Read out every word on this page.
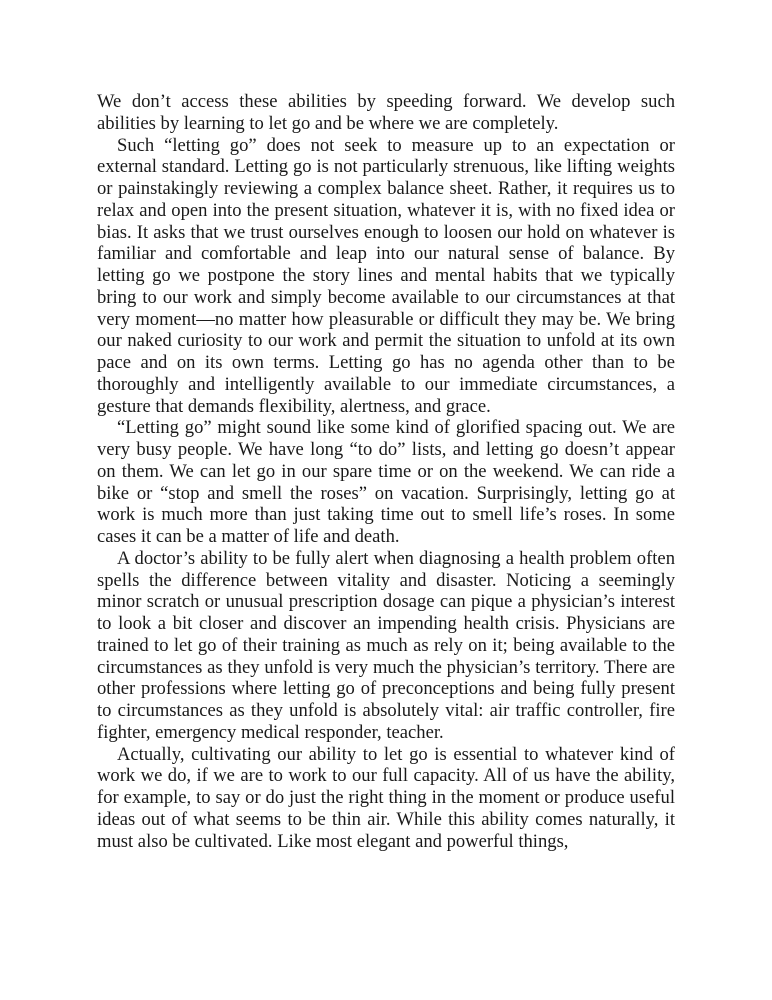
We don’t access these abilities by speeding forward. We develop such abilities by learning to let go and be where we are completely.

Such “letting go” does not seek to measure up to an expectation or external standard. Letting go is not particularly strenuous, like lifting weights or painstakingly reviewing a complex balance sheet. Rather, it requires us to relax and open into the present situation, whatever it is, with no fixed idea or bias. It asks that we trust ourselves enough to loosen our hold on whatever is familiar and comfortable and leap into our natural sense of balance. By letting go we postpone the story lines and mental habits that we typically bring to our work and simply become available to our circumstances at that very moment—no matter how pleasurable or difficult they may be. We bring our naked curiosity to our work and permit the situation to unfold at its own pace and on its own terms. Letting go has no agenda other than to be thoroughly and intelligently available to our immediate circumstances, a gesture that demands flexibility, alertness, and grace.

“Letting go” might sound like some kind of glorified spacing out. We are very busy people. We have long “to do” lists, and letting go doesn’t appear on them. We can let go in our spare time or on the weekend. We can ride a bike or “stop and smell the roses” on vacation. Surprisingly, letting go at work is much more than just taking time out to smell life’s roses. In some cases it can be a matter of life and death.

A doctor’s ability to be fully alert when diagnosing a health problem often spells the difference between vitality and disaster. Noticing a seemingly minor scratch or unusual prescription dosage can pique a physician’s interest to look a bit closer and discover an impending health crisis. Physicians are trained to let go of their training as much as rely on it; being available to the circumstances as they unfold is very much the physician’s territory. There are other professions where letting go of preconceptions and being fully present to circumstances as they unfold is absolutely vital: air traffic controller, fire fighter, emergency medical responder, teacher.

Actually, cultivating our ability to let go is essential to whatever kind of work we do, if we are to work to our full capacity. All of us have the ability, for example, to say or do just the right thing in the moment or produce useful ideas out of what seems to be thin air. While this ability comes naturally, it must also be cultivated. Like most elegant and powerful things,
